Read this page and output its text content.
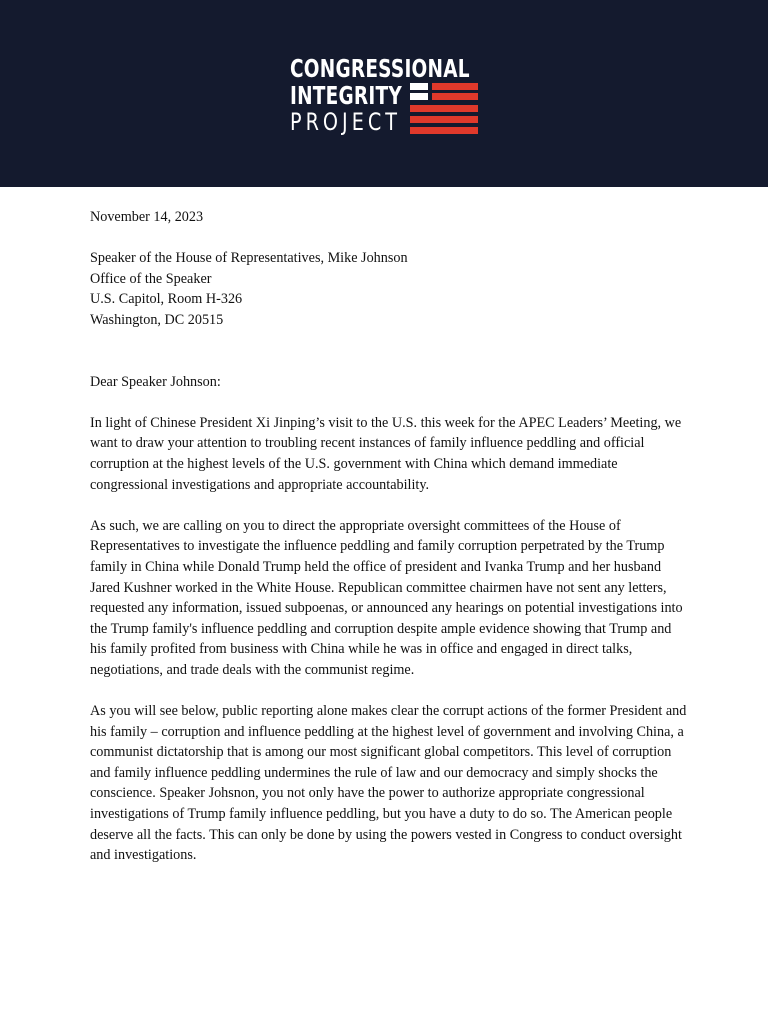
CONGRESSIONAL
INTEGRITY
PROJECT

November 14, 2023

Speaker of the House of Representatives, Mike Johnson

Office of the Speaker

U.S. Capitol, Room H-326

Washington, DC 20515

Dear Speaker Johnson:

In light of Chinese President Xi Jinping’s visit to the U.S. this week for the APEC Leaders’ Meeting, we want to draw your attention to troubling recent instances of family influence peddling and official corruption at the highest levels of the U.S. government with China which demand immediate congressional investigations and appropriate accountability.

As such, we are calling on you to direct the appropriate oversight committees of the House of Representatives to investigate the influence peddling and family corruption perpetrated by the Trump family in China while Donald Trump held the office of president and Ivanka Trump and her husband Jared Kushner worked in the White House. Republican committee chairmen have not sent any letters, requested any information, issued subpoenas, or announced any hearings on potential investigations into the Trump family's influence peddling and corruption despite ample evidence showing that Trump and his family profited from business with China while he was in office and engaged in direct talks, negotiations, and trade deals with the communist regime.

As you will see below, public reporting alone makes clear the corrupt actions of the former President and his family – corruption and influence peddling at the highest level of government and involving China, a communist dictatorship that is among our most significant global competitors. This level of corruption and family influence peddling undermines the rule of law and our democracy and simply shocks the conscience. Speaker Johsnon, you not only have the power to authorize appropriate congressional investigations of Trump family influence peddling, but you have a duty to do so. The American people deserve all the facts. This can only be done by using the powers vested in Congress to conduct oversight and investigations.
